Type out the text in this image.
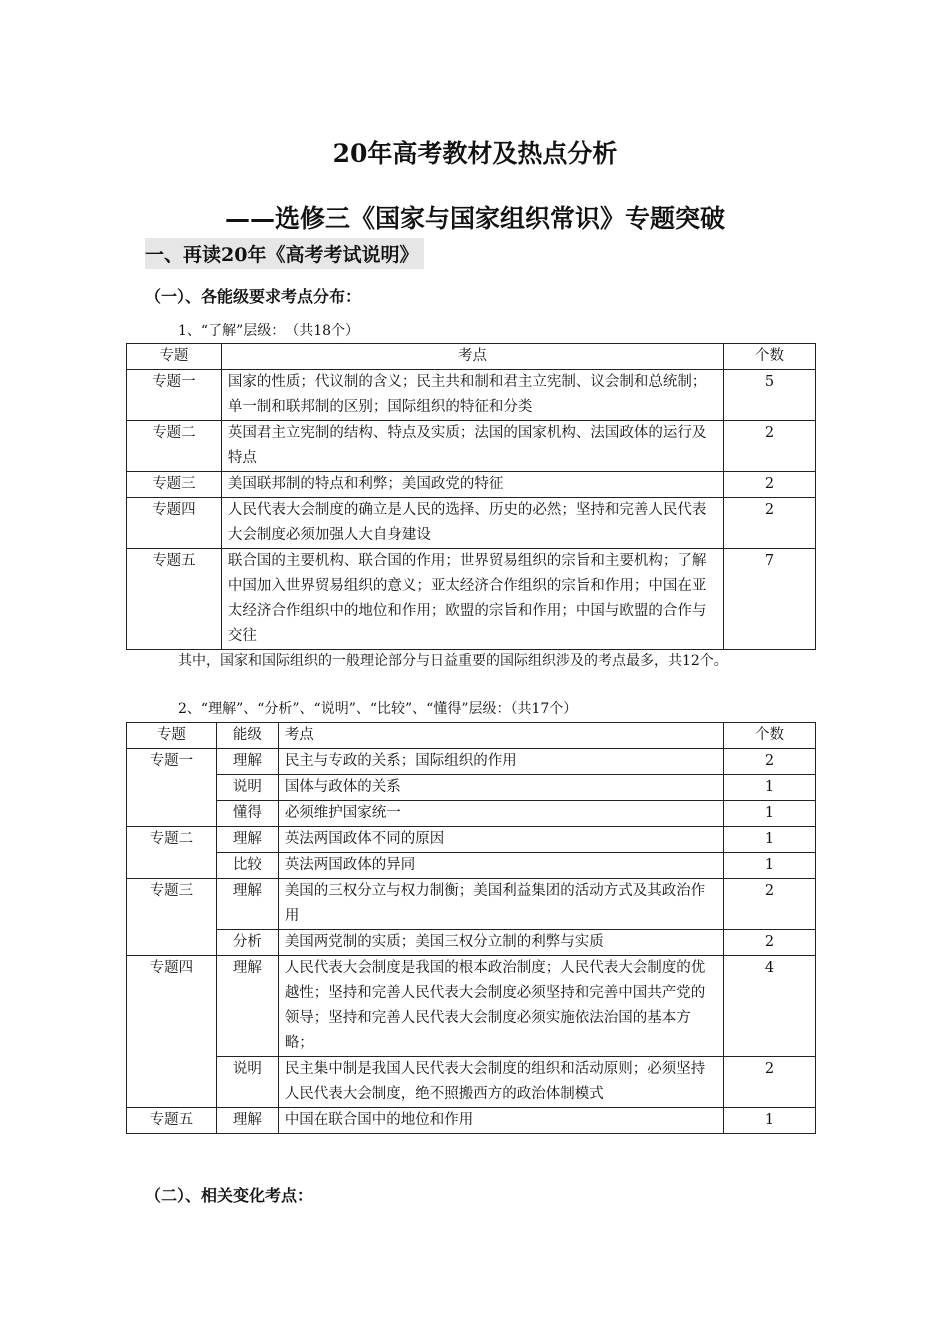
20年高考教材及热点分析
——选修三《国家与国家组织常识》专题突破
一、再读20年《高考考试说明》
（一）、各能级要求考点分布：
1、“了解”层级：　（共18个）
专题	考点	个数
专题一	国家的性质；代议制的含义；民主共和制和君主立宪制、议会制和总统制；单一制和联邦制的区别；国际组织的特征和分类	5
专题二	英国君主立宪制的结构、特点及实质；法国的国家机构、法国政体的运行及特点	2
专题三	美国联邦制的特点和利弊；美国政党的特征	2
专题四	人民代表大会制度的确立是人民的选择、历史的必然；坚持和完善人民代表大会制度必须加强人大自身建设	2
专题五	联合国的主要机构、联合国的作用；世界贸易组织的宗旨和主要机构；了解中国加入世界贸易组织的意义；亚太经济合作组织的宗旨和作用；中国在亚太经济合作组织中的地位和作用；欧盟的宗旨和作用；中国与欧盟的合作与交往	7
其中，国家和国际组织的一般理论部分与日益重要的国际组织涉及的考点最多，共12个。
2、“理解”、“分析”、“说明”、“比较”、“懂得”层级：（共17个）
专题	能级	考点	个数
专题一	理解	民主与专政的关系；国际组织的作用	2
	说明	国体与政体的关系	1
	懂得	必须维护国家统一	1
专题二	理解	英法两国政体不同的原因	1
	比较	英法两国政体的异同	1
专题三	理解	美国的三权分立与权力制衡；美国利益集团的活动方式及其政治作用	2
	分析	美国两党制的实质；美国三权分立制的利弊与实质	2
专题四	理解	人民代表大会制度是我国的根本政治制度；人民代表大会制度的优越性；坚持和完善人民代表大会制度必须坚持和完善中国共产党的领导；坚持和完善人民代表大会制度必须实施依法治国的基本方略；	4
	说明	民主集中制是我国人民代表大会制度的组织和活动原则；必须坚持人民代表大会制度，绝不照搬西方的政治体制模式	2
专题五	理解	中国在联合国中的地位和作用	1
（二）、相关变化考点：
